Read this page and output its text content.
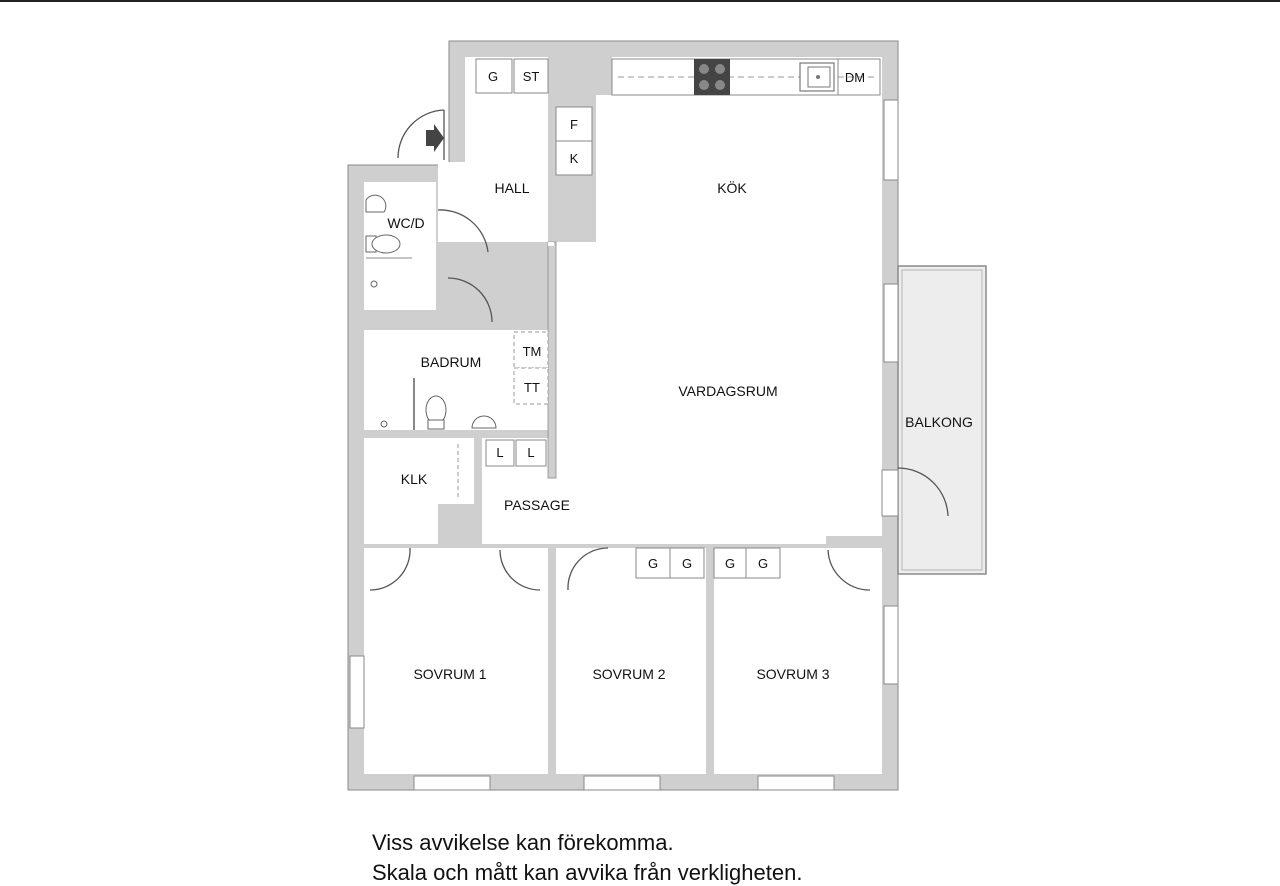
HALL	KÖK
WC/D
BADRUM
VARDAGSRUM
BALKONG
KLK
PASSAGE
SOVRUM 1	SOVRUM 2	SOVRUM 3
G ST
F
K
DM
TM
TT
L L
G G	G G
Viss avvikelse kan förekomma.
Skala och mått kan avvika från verkligheten.
